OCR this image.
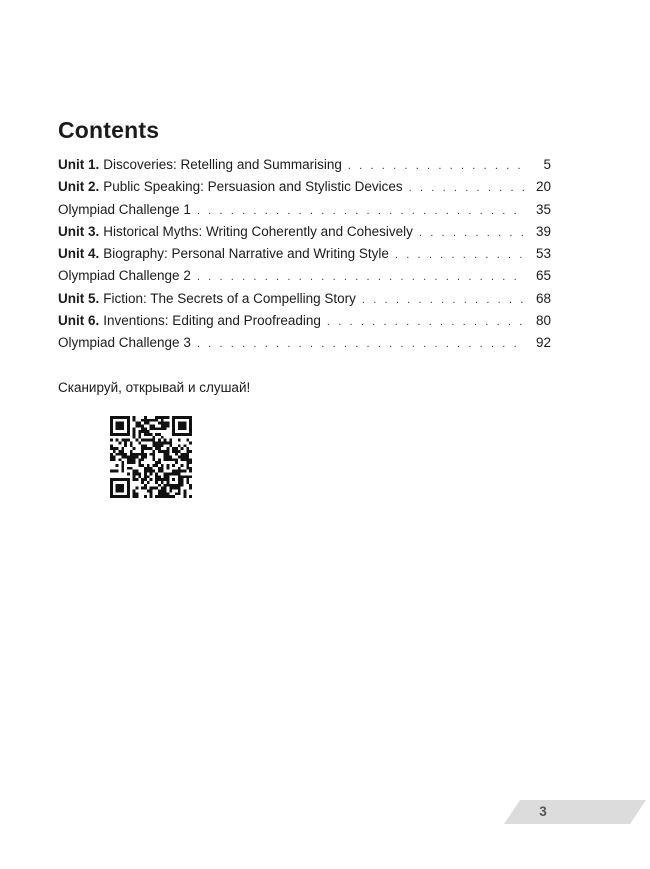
Contents
Unit 1. Discoveries: Retelling and Summarising . . .	5
Unit 2. Public Speaking: Persuasion and Stylistic Devices . . .	20
Olympiad Challenge 1 . . .	35
Unit 3. Historical Myths: Writing Coherently and Cohesively . . .	39
Unit 4. Biography: Personal Narrative and Writing Style . . .	53
Olympiad Challenge 2 . . .	65
Unit 5. Fiction: The Secrets of a Compelling Story . . .	68
Unit 6. Inventions: Editing and Proofreading . . .	80
Olympiad Challenge 3 . . .	92

Сканируй, открывай и слушай!

3
